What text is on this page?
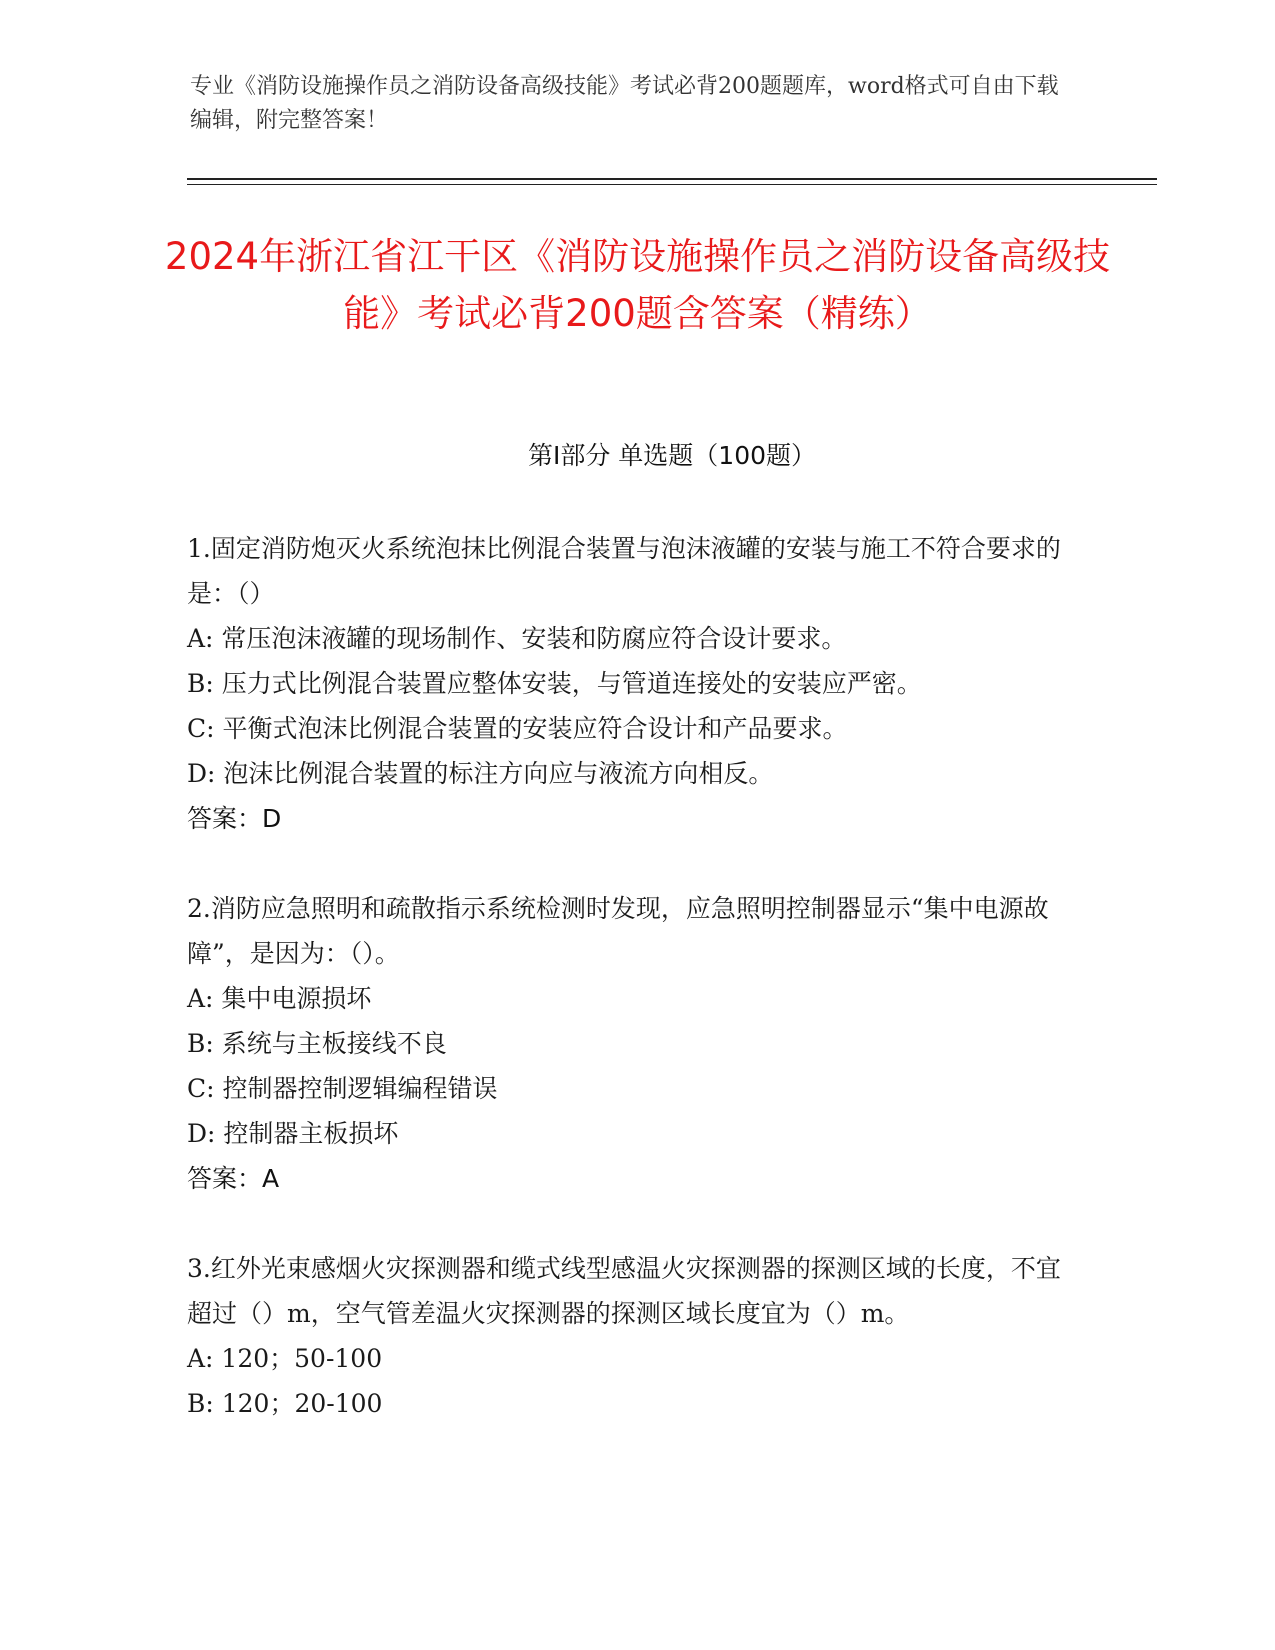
专业《消防设施操作员之消防设备高级技能》考试必背200题题库，word格式可自由下载编辑，附完整答案！
2024年浙江省江干区《消防设施操作员之消防设备高级技能》考试必背200题含答案（精练）
第I部分 单选题（100题）

1.固定消防炮灭火系统泡抹比例混合装置与泡沫液罐的安装与施工不符合要求的是：（）

A: 常压泡沫液罐的现场制作、安装和防腐应符合设计要求。

B: 压力式比例混合装置应整体安装，与管道连接处的安装应严密。

C: 平衡式泡沫比例混合装置的安装应符合设计和产品要求。

D: 泡沫比例混合装置的标注方向应与液流方向相反。

答案：D

2.消防应急照明和疏散指示系统检测时发现，应急照明控制器显示“集中电源故障”，是因为：（）。

A: 集中电源损坏

B: 系统与主板接线不良

C: 控制器控制逻辑编程错误

D: 控制器主板损坏

答案：A

3.红外光束感烟火灾探测器和缆式线型感温火灾探测器的探测区域的长度，不宜超过（）m，空气管差温火灾探测器的探测区域长度宜为（）m。

A: 120；50-100

B: 120；20-100
